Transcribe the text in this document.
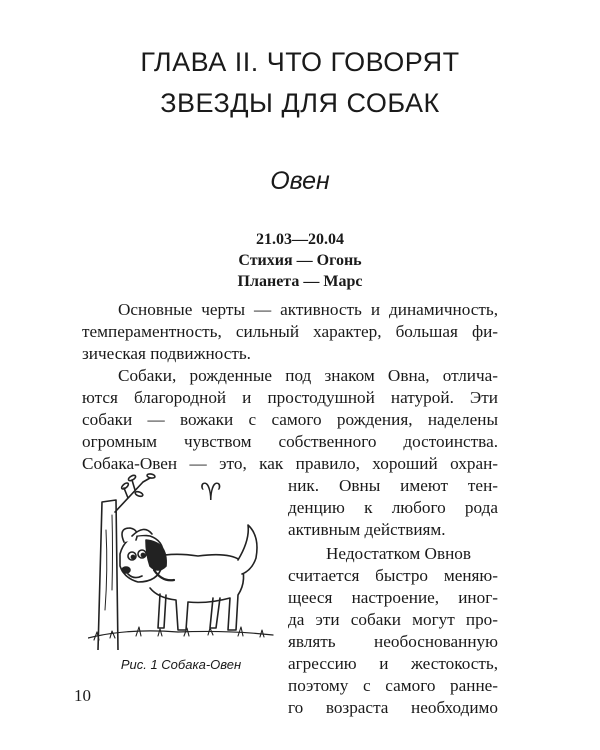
ГЛАВА II. ЧТО ГОВОРЯТ
ЗВЕЗДЫ ДЛЯ СОБАК
Овен
21.03—20.04
Стихия — Огонь
Планета — Марс
Основные черты — активность и динамичность,
темпераментность, сильный характер, большая фи-
зическая подвижность.
Собаки, рожденные под знаком Овна, отлича-
ются благородной и простодушной натурой. Эти
собаки — вожаки с самого рождения, наделены
огромным чувством собственного достоинства.
Собака-Овен — это, как правило, хороший охран-
ник. Овны имеют тен-
денцию к любого рода
активным действиям.
Недостатком Овнов
считается быстро меняю-
щееся настроение, иног-
да эти собаки могут про-
являть необоснованную
агрессию и жестокость,
поэтому с самого ранне-
го возраста необходимо
♈
Рис. 1 Собака-Овен
10
